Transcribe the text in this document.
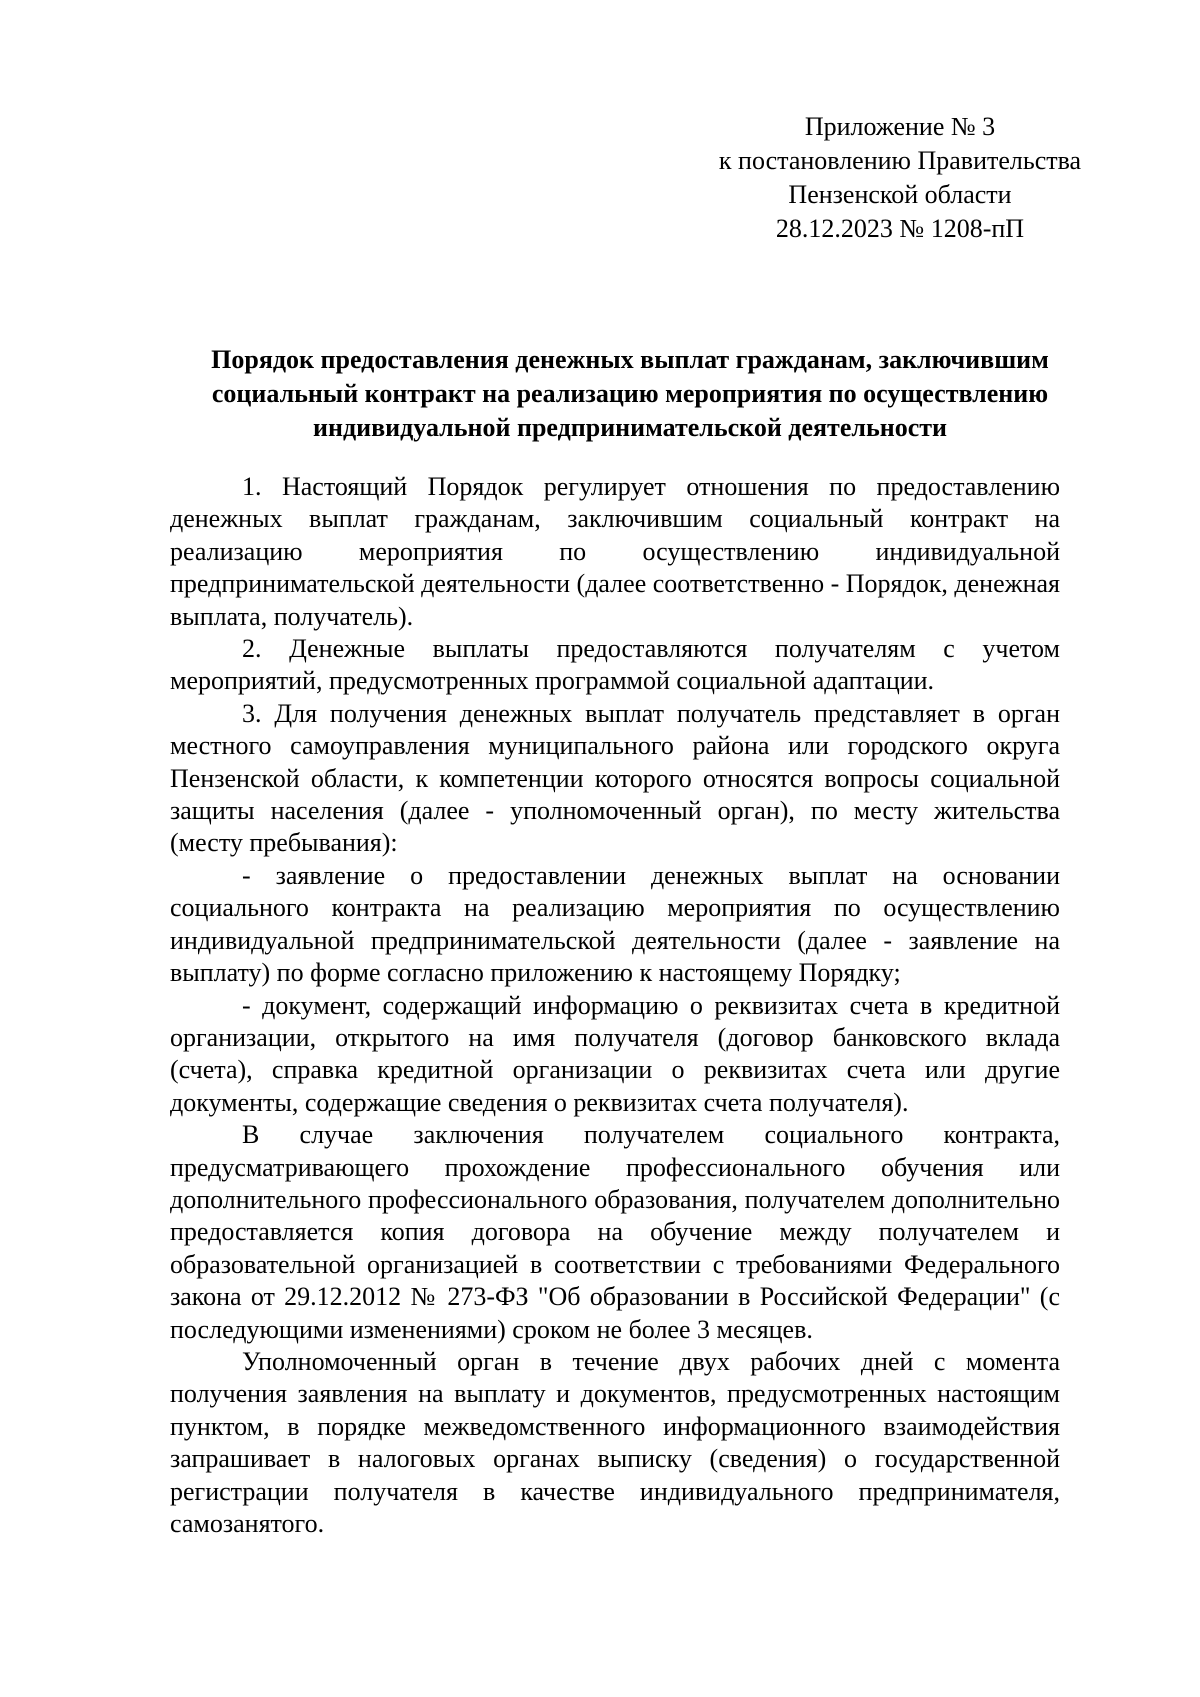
Приложение № 3
к постановлению Правительства
Пензенской области
28.12.2023 № 1208-пП
Порядок предоставления денежных выплат гражданам, заключившим
социальный контракт на реализацию мероприятия по осуществлению
индивидуальной предпринимательской деятельности

1. Настоящий Порядок регулирует отношения по предоставлению денежных выплат гражданам, заключившим социальный контракт на реализацию мероприятия по осуществлению индивидуальной предпринимательской деятельности (далее соответственно - Порядок, денежная выплата, получатель).

2. Денежные выплаты предоставляются получателям с учетом мероприятий, предусмотренных программой социальной адаптации.

3. Для получения денежных выплат получатель представляет в орган местного самоуправления муниципального района или городского округа Пензенской области, к компетенции которого относятся вопросы социальной защиты населения (далее - уполномоченный орган), по месту жительства (месту пребывания):

- заявление о предоставлении денежных выплат на основании социального контракта на реализацию мероприятия по осуществлению индивидуальной предпринимательской деятельности (далее - заявление на выплату) по форме согласно приложению к настоящему Порядку;

- документ, содержащий информацию о реквизитах счета в кредитной организации, открытого на имя получателя (договор банковского вклада (счета), справка кредитной организации о реквизитах счета или другие документы, содержащие сведения о реквизитах счета получателя).

В случае заключения получателем социального контракта, предусматривающего прохождение профессионального обучения или дополнительного профессионального образования, получателем дополнительно предоставляется копия договора на обучение между получателем и образовательной организацией в соответствии с требованиями Федерального закона от 29.12.2012 № 273-ФЗ "Об образовании в Российской Федерации" (с последующими изменениями) сроком не более 3 месяцев.

Уполномоченный орган в течение двух рабочих дней с момента получения заявления на выплату и документов, предусмотренных настоящим пунктом, в порядке межведомственного информационного взаимодействия запрашивает в налоговых органах выписку (сведения) о государственной регистрации получателя в качестве индивидуального предпринимателя, самозанятого.
